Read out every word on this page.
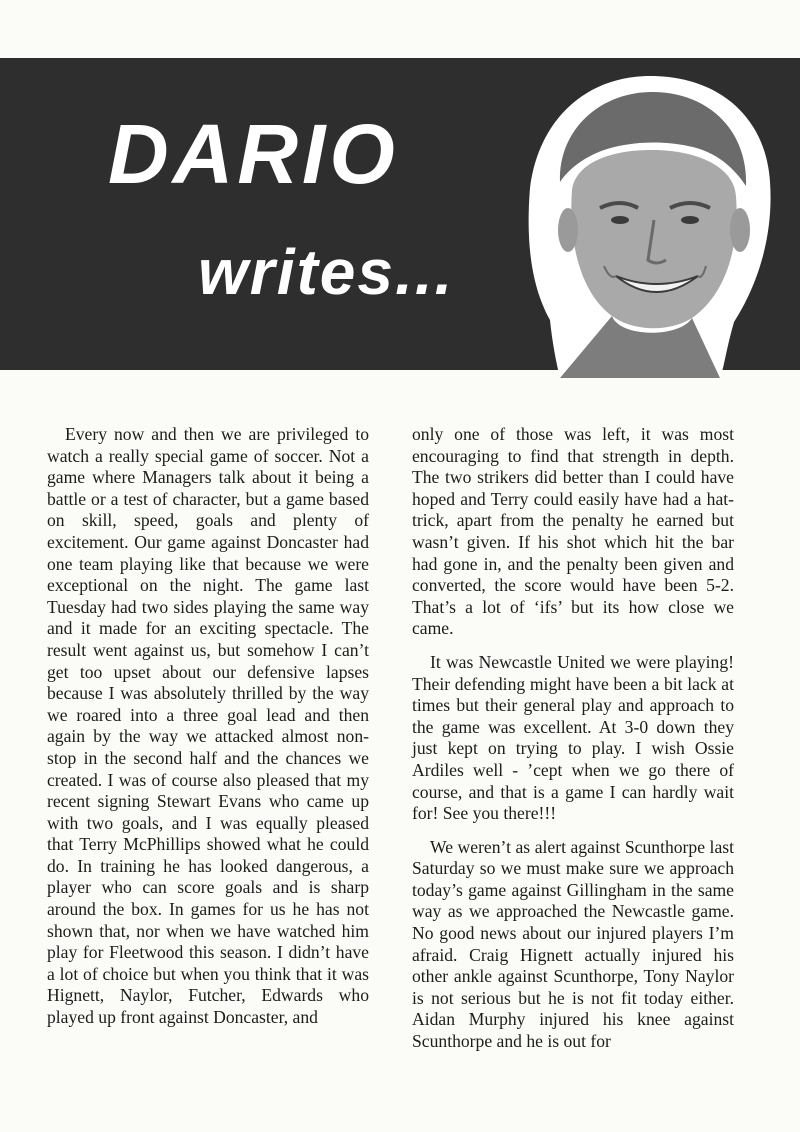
DARIO
writes...

Every now and then we are privileged to watch a really special game of soccer. Not a game where Managers talk about it being a battle or a test of character, but a game based on skill, speed, goals and plenty of excitement. Our game against Doncaster had one team playing like that because we were exceptional on the night. The game last Tuesday had two sides playing the same way and it made for an exciting spectacle. The result went against us, but somehow I can’t get too upset about our defensive lapses because I was absolutely thrilled by the way we roared into a three goal lead and then again by the way we attacked almost non-stop in the second half and the chances we created. I was of course also pleased that my recent signing Stewart Evans who came up with two goals, and I was equally pleased that Terry McPhillips showed what he could do. In training he has looked dangerous, a player who can score goals and is sharp around the box. In games for us he has not shown that, nor when we have watched him play for Fleetwood this season. I didn’t have a lot of choice but when you think that it was Hignett, Naylor, Futcher, Edwards who played up front against Doncaster, and

only one of those was left, it was most encouraging to find that strength in depth. The two strikers did better than I could have hoped and Terry could easily have had a hat-trick, apart from the penalty he earned but wasn’t given. If his shot which hit the bar had gone in, and the penalty been given and converted, the score would have been 5-2. That’s a lot of ‘ifs’ but its how close we came.

It was Newcastle United we were playing! Their defending might have been a bit lack at times but their general play and approach to the game was excellent. At 3-0 down they just kept on trying to play. I wish Ossie Ardiles well - ’cept when we go there of course, and that is a game I can hardly wait for! See you there!!!

We weren’t as alert against Scunthorpe last Saturday so we must make sure we approach today’s game against Gillingham in the same way as we approached the Newcastle game. No good news about our injured players I’m afraid. Craig Hignett actually injured his other ankle against Scunthorpe, Tony Naylor is not serious but he is not fit today either. Aidan Murphy injured his knee against Scunthorpe and he is out for
